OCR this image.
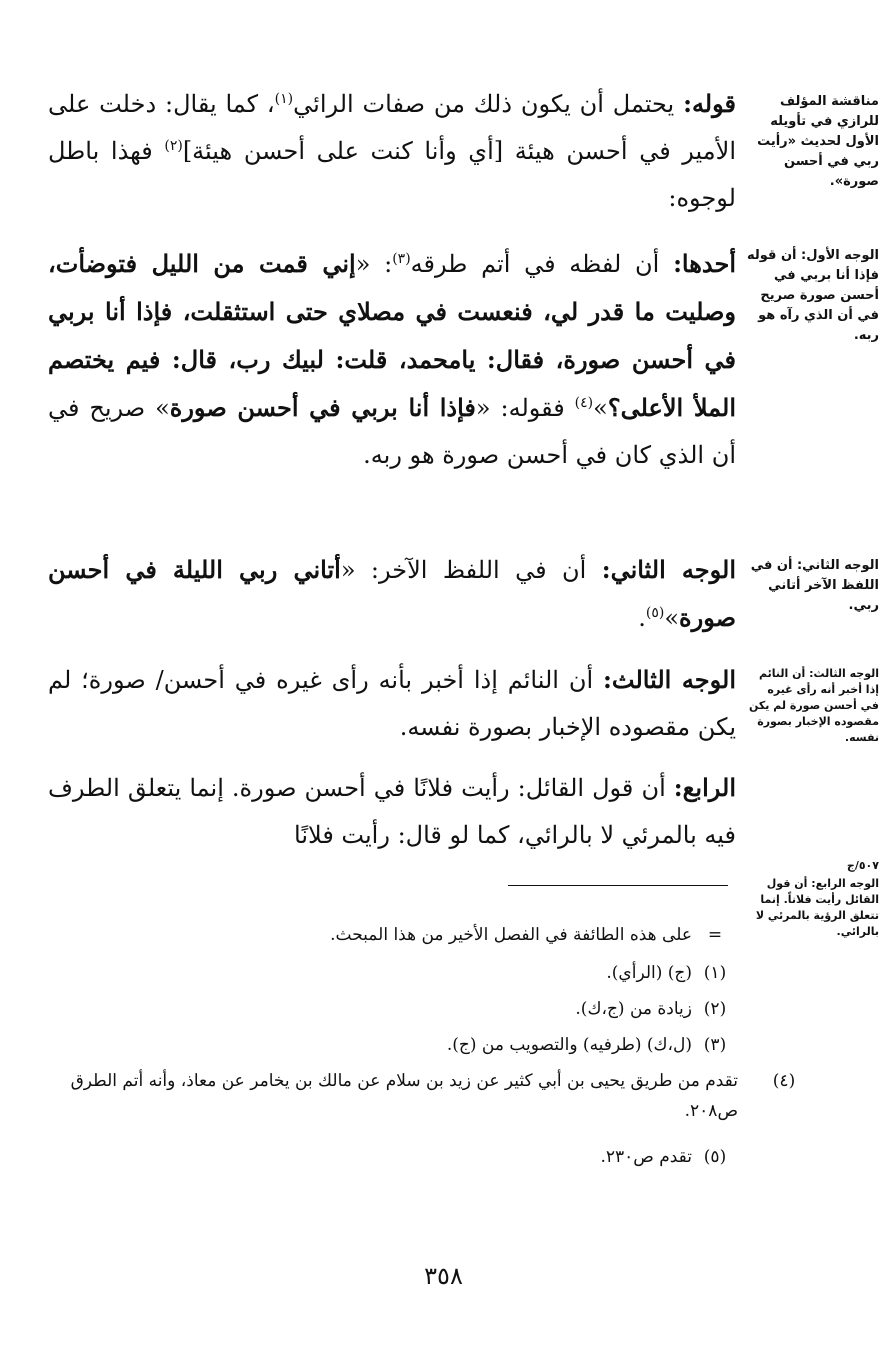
مناقشة المؤلف للرازي في تأويله الأول لحديث «رأيت ربي في أحسن صورة».
الوجه الأول: أن قوله فإذا أنا بربي في أحسن صورة صريح في أن الذي رآه هو ربه.
الوجه الثاني: أن في اللفظ الآخر أتاني ربي.
الوجه الثالث: أن النائم إذا أخبر أنه رأى غيره في أحسن صورة لم يكن مقصوده الإخبار بصورة نفسه.
٥٠٧/ج
الوجه الرابع: أن قول القائل رأيت فلاناً. إنما تتعلق الرؤية بالمرئي لا بالرائي.
قوله: يحتمل أن يكون ذلك من صفات الرائي$^{(١)}$، كما يقال: دخلت على الأمير في أحسن هيئة [أي وأنا كنت على أحسن هيئة]$^{(٢)}$ فهذا باطل لوجوه:
أحدها: أن لفظه في أتم طرقه$^{(٣)}$: «إني قمت من الليل فتوضأت، وصليت ما قدر لي، فنعست في مصلاي حتى استثقلت، فإذا أنا بربي في أحسن صورة، فقال: يامحمد، قلت: لبيك رب، قال: فيم يختصم الملأ الأعلى؟»$^{(٤)}$ فقوله: «فإذا أنا بربي في أحسن صورة» صريح في أن الذي كان في أحسن صورة هو ربه.
الوجه الثاني: أن في اللفظ الآخر: «أتاني ربي الليلة في أحسن صورة»$^{(٥)}$.
الوجه الثالث: أن النائم إذا أخبر بأنه رأى غيره في أحسن/ صورة؛ لم يكن مقصوده الإخبار بصورة نفسه.
الرابع: أن قول القائل: رأيت فلانًا في أحسن صورة. إنما يتعلق الطرف فيه بالمرئي لا بالرائي، كما لو قال: رأيت فلانًا
=على هذه الطائفة في الفصل الأخير من هذا المبحث.
(١)(ج) (الرأي).
(٢)زيادة من (ج،ك).
(٣)(ل،ك) (طرفيه) والتصويب من (ج).
(٤)تقدم من طريق يحيى بن أبي كثير عن زيد بن سلام عن مالك بن يخامر عن معاذ، وأنه أتم الطرق ص٢٠٨.
(٥)تقدم ص٢٣٠.
٣٥٨
